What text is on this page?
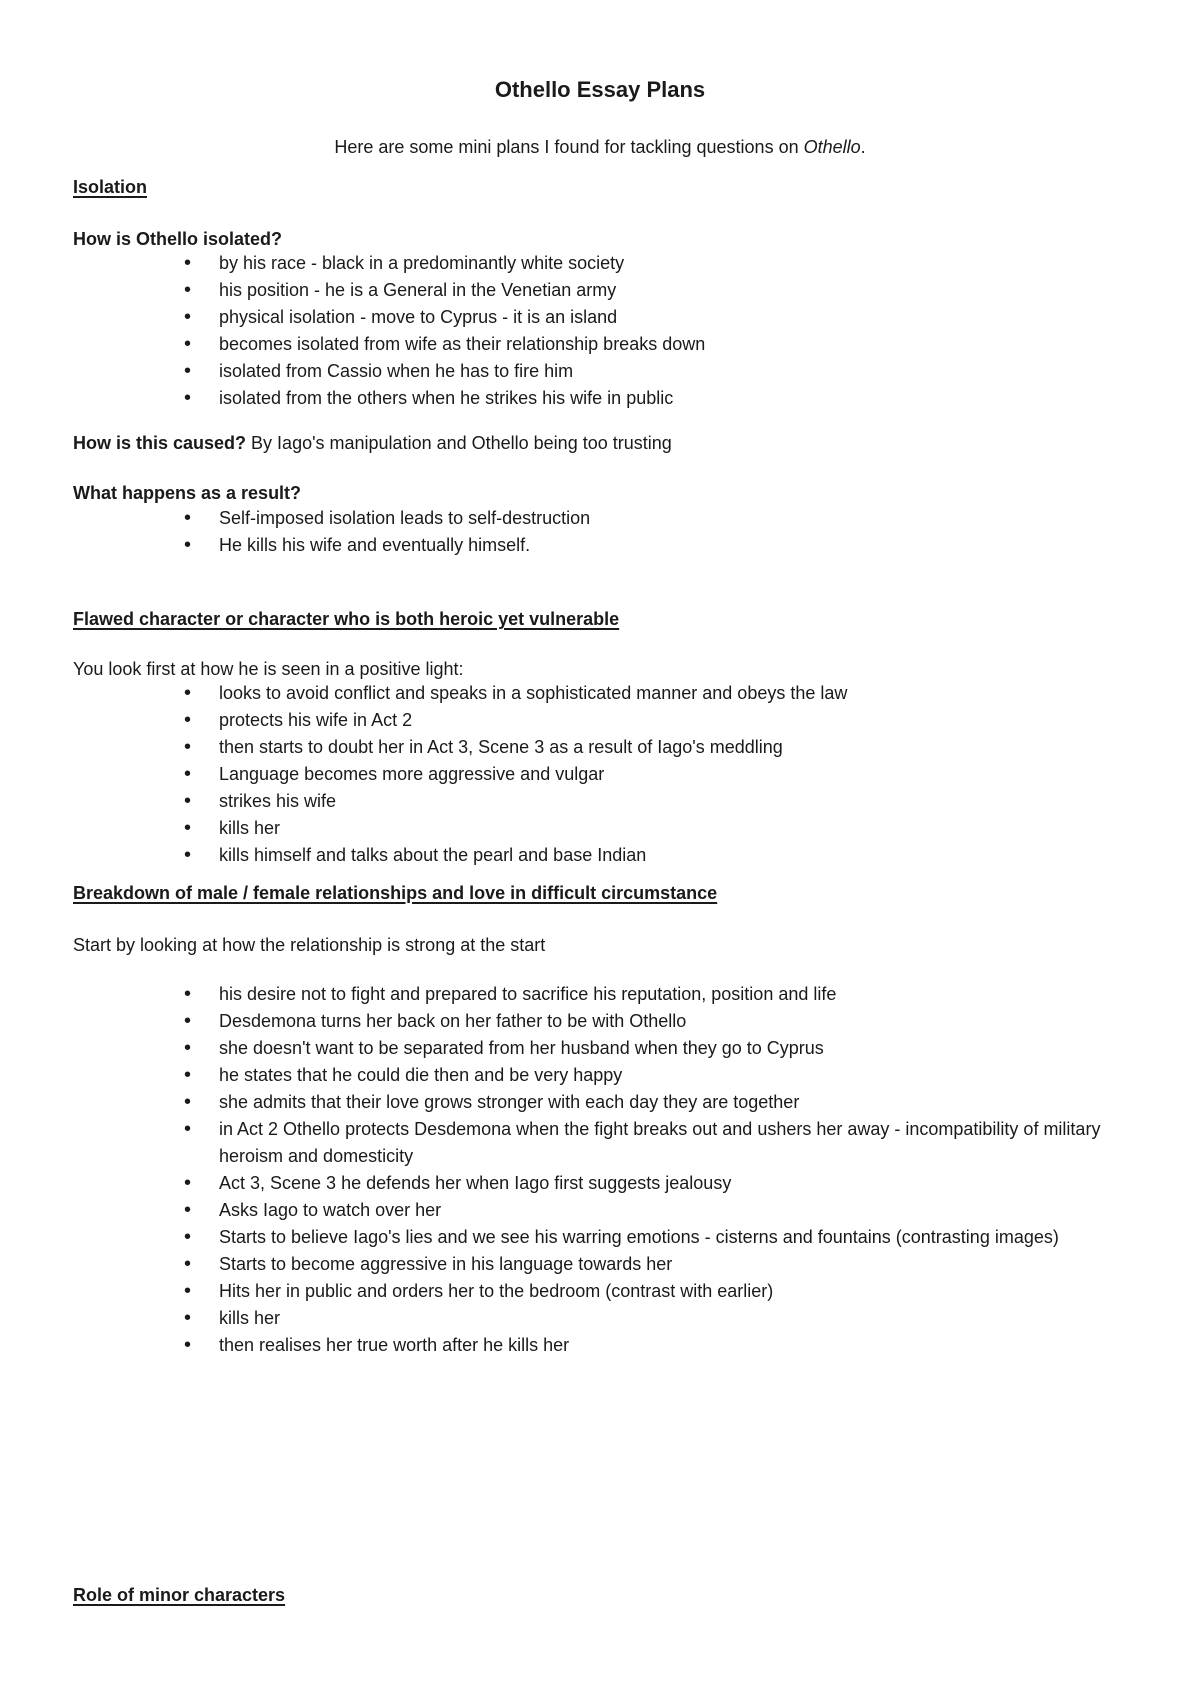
Othello Essay Plans
Here are some mini plans I found for tackling questions on Othello.
Isolation
How is Othello isolated?
• by his race - black in a predominantly white society
• his position - he is a General in the Venetian army
• physical isolation - move to Cyprus - it is an island
• becomes isolated from wife as their relationship breaks down
• isolated from Cassio when he has to fire him
• isolated from the others when he strikes his wife in public
How is this caused? By Iago's manipulation and Othello being too trusting
What happens as a result?
• Self-imposed isolation leads to self-destruction
• He kills his wife and eventually himself.
Flawed character or character who is both heroic yet vulnerable
You look first at how he is seen in a positive light:
• looks to avoid conflict and speaks in a sophisticated manner and obeys the law
• protects his wife in Act 2
• then starts to doubt her in Act 3, Scene 3 as a result of Iago's meddling
• Language becomes more aggressive and vulgar
• strikes his wife
• kills her
• kills himself and talks about the pearl and base Indian
Breakdown of male / female relationships and love in difficult circumstance
Start by looking at how the relationship is strong at the start
• his desire not to fight and prepared to sacrifice his reputation, position and life
• Desdemona turns her back on her father to be with Othello
• she doesn't want to be separated from her husband when they go to Cyprus
• he states that he could die then and be very happy
• she admits that their love grows stronger with each day they are together
• in Act 2 Othello protects Desdemona when the fight breaks out and ushers her away - incompatibility of military heroism and domesticity
• Act 3, Scene 3 he defends her when Iago first suggests jealousy
• Asks Iago to watch over her
• Starts to believe Iago's lies and we see his warring emotions - cisterns and fountains (contrasting images)
• Starts to become aggressive in his language towards her
• Hits her in public and orders her to the bedroom (contrast with earlier)
• kills her
• then realises her true worth after he kills her
Role of minor characters
